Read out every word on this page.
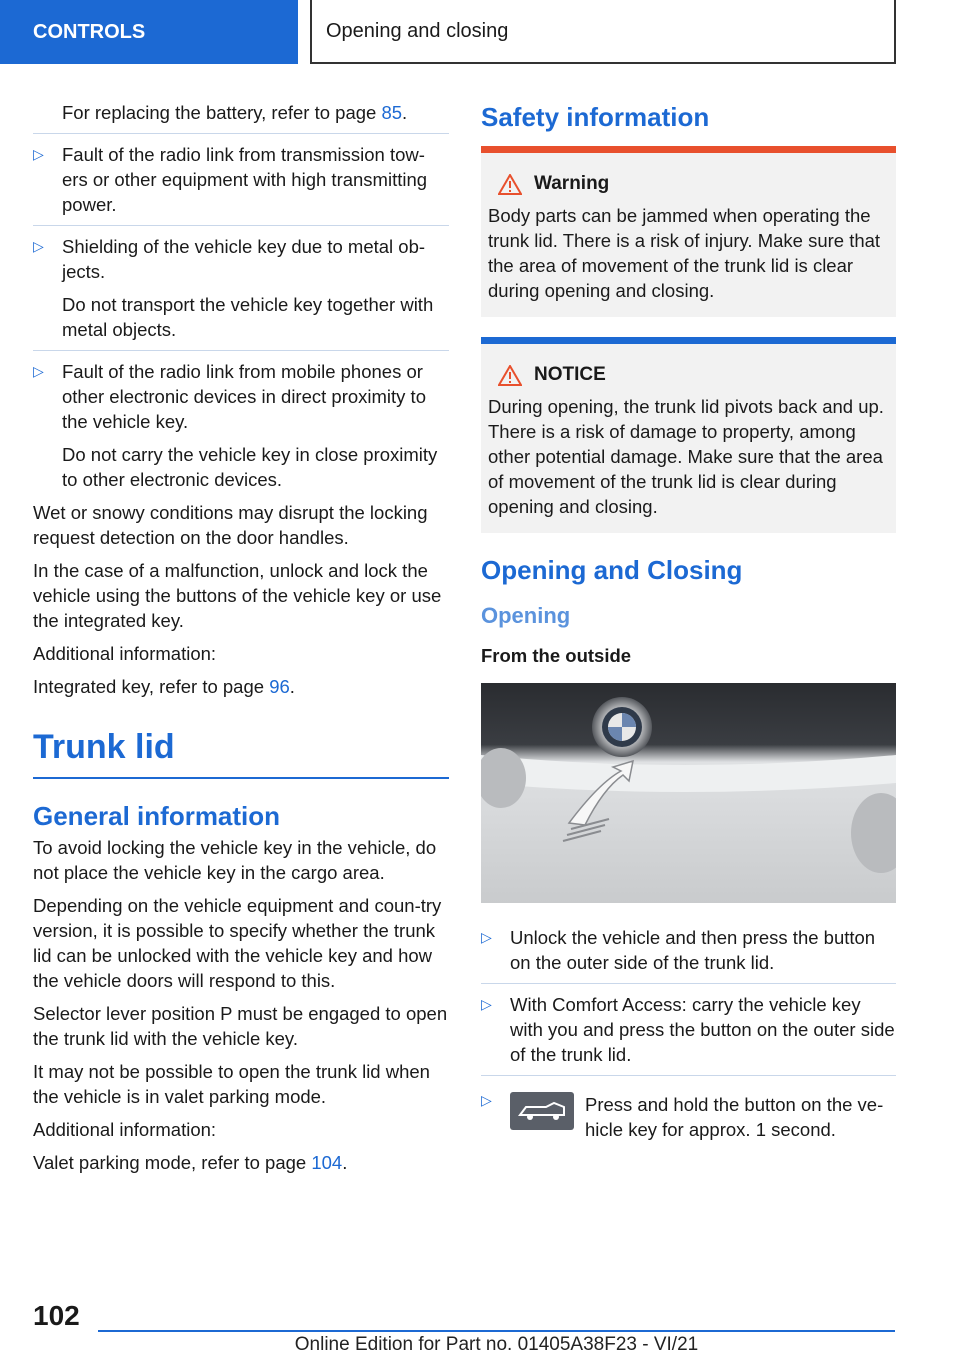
CONTROLS	Opening and closing

For replacing the battery, refer to page 85.

▷ Fault of the radio link from transmission tow-ers or other equipment with high transmitting power.
▷ Shielding of the vehicle key due to metal ob-jects.

Do not transport the vehicle key together with metal objects.

▷ Fault of the radio link from mobile phones or other electronic devices in direct proximity to the vehicle key.

Do not carry the vehicle key in close proximity to other electronic devices.

Wet or snowy conditions may disrupt the locking request detection on the door handles.

In the case of a malfunction, unlock and lock the vehicle using the buttons of the vehicle key or use the integrated key.

Additional information:

Integrated key, refer to page 96.

Trunk lid
General information

To avoid locking the vehicle key in the vehicle, do not place the vehicle key in the cargo area.

Depending on the vehicle equipment and coun-try version, it is possible to specify whether the trunk lid can be unlocked with the vehicle key and how the vehicle doors will respond to this.

Selector lever position P must be engaged to open the trunk lid with the vehicle key.

It may not be possible to open the trunk lid when the vehicle is in valet parking mode.

Additional information:

Valet parking mode, refer to page 104.

Safety information
Warning

Body parts can be jammed when operating the trunk lid. There is a risk of injury. Make sure that the area of movement of the trunk lid is clear during opening and closing.

NOTICE

During opening, the trunk lid pivots back and up. There is a risk of damage to property, among other potential damage. Make sure that the area of movement of the trunk lid is clear during opening and closing.

Opening and Closing
Opening
From the outside
▷ Unlock the vehicle and then press the button on the outer side of the trunk lid.
▷ With Comfort Access: carry the vehicle key with you and press the button on the outer side of the trunk lid.
▷	Press and hold the button on the ve-hicle key for approx. 1 second.
102
Online Edition for Part no. 01405A38F23 - VI/21
